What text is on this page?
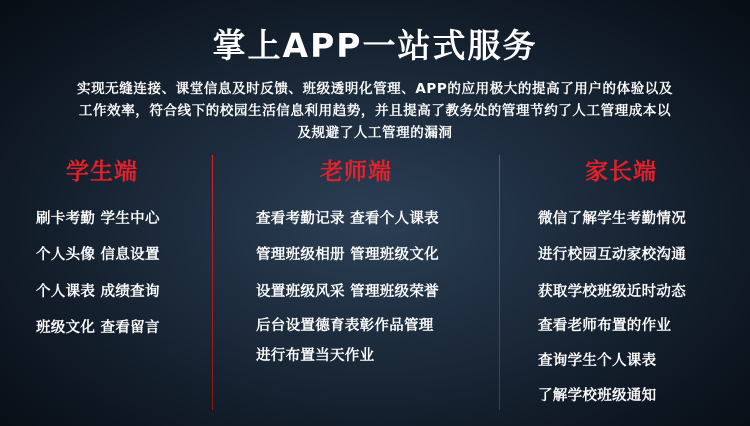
掌上APP一站式服务
实现无缝连接、课堂信息及时反馈、班级透明化管理、APP的应用极大的提高了用户的体验以及
工作效率，符合线下的校园生活信息利用趋势，并且提高了教务处的管理节约了人工管理成本以
及规避了人工管理的漏洞
学生端
刷卡考勤 学生中心
个人头像 信息设置
个人课表 成绩查询
班级文化 查看留言
老师端
查看考勤记录 查看个人课表
管理班级相册 管理班级文化
设置班级风采 管理班级荣誉
后台设置德育表彰作品管理
进行布置当天作业
家长端
微信了解学生考勤情况
进行校园互动家校沟通
获取学校班级近时动态
查看老师布置的作业
查询学生个人课表
了解学校班级通知
